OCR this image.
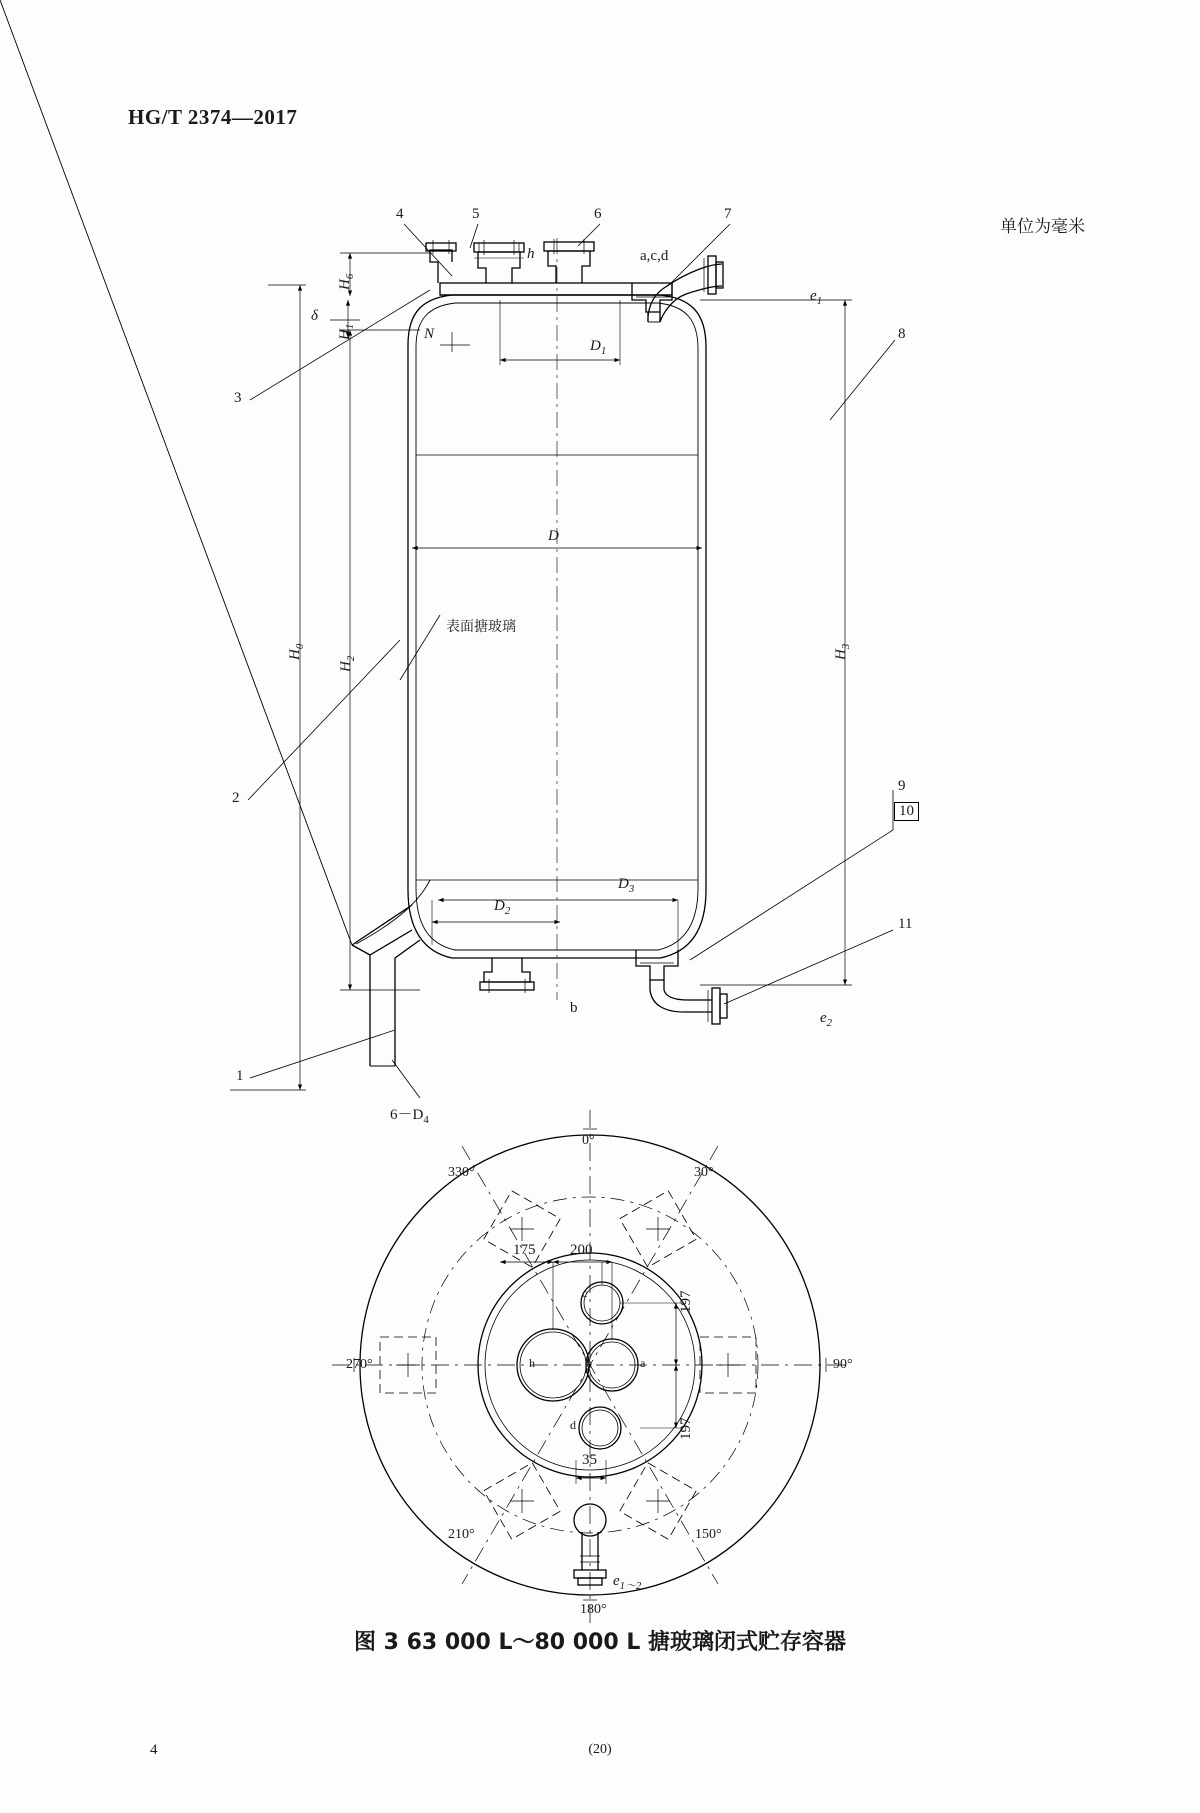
HG/T 2374—2017
单位为毫米
4	5	6	7
3
2
1
8
9
10
11
$H_0$
$H_2$	$H_3$
$H_6$
$H_1$
δ
D
$D_1$
$D_2$
$D_3$
N
h	a,c,d
b
$e_1$
$e_2$
$6-D_4$
表面搪玻璃
0°
30°
90°
150°
180°
210°
270°
330°
175 200
197
197
35
c
h	b	a
d
$e_{1\sim 2}$
图 3 63 000 L～80 000 L 搪玻璃闭式贮存容器
4	(20)
